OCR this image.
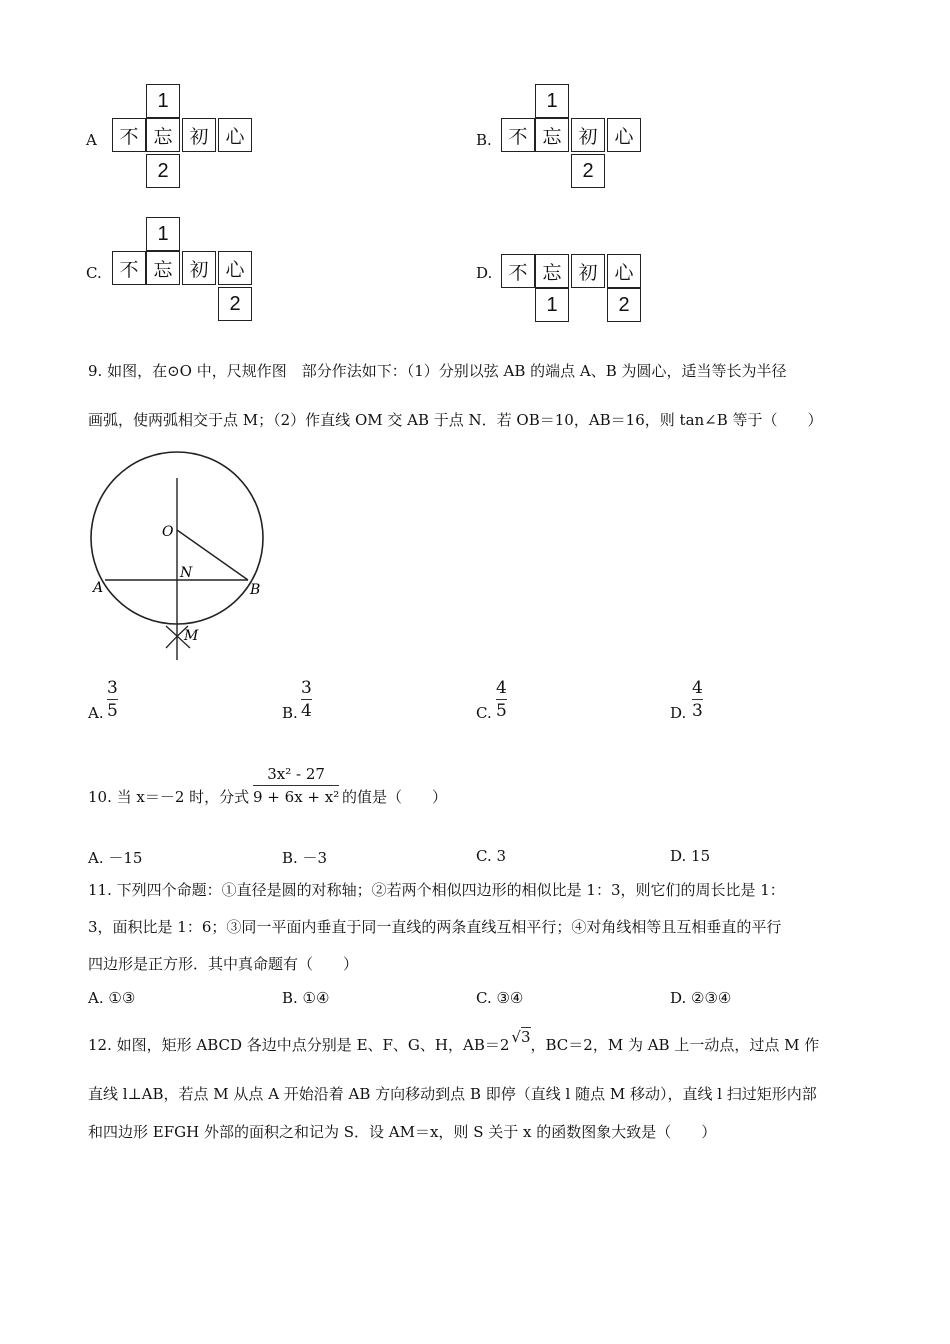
A
1
不 忘 初 心
2
B.
1
不 忘 初 心
2
C.
1
不 忘 初 心
2
D. 不 忘 初 心
1	2
9. 如图，在⊙O 中，尺规作图　部分作法如下：（1）分别以弦 AB 的端点 A、B 为圆心，适当等长为半径
画弧，使两弧相交于点 M；（2）作直线 OM 交 AB 于点 N．若 OB＝10，AB＝16，则 tan∠B 等于（　　）
O
N
A	B
M
A.
3
5	B.
3
4	C.
4
5	D.
4
3
10. 当 x＝－2 时，分式
3x² - 27
9 + 6x + x² 的值是（　　）
A. －15	B. －3	C. 3	D. 15
11. 下列四个命题：①直径是圆的对称轴；②若两个相似四边形的相似比是 1：3，则它们的周长比是 1：
3，面积比是 1：6；③同一平面内垂直于同一直线的两条直线互相平行；④对角线相等且互相垂直的平行
四边形是正方形．其中真命题有（　　）
A. ①③	B. ①④	C. ③④	D. ②③④
12. 如图，矩形 ABCD 各边中点分别是 E、F、G、H，AB＝2 √3，BC＝2，M 为 AB 上一动点，过点 M 作
直线 l⊥AB，若点 M 从点 A 开始沿着 AB 方向移动到点 B 即停（直线 l 随点 M 移动），直线 l 扫过矩形内部
和四边形 EFGH 外部的面积之和记为 S．设 AM＝x，则 S 关于 x 的函数图象大致是（　　）
